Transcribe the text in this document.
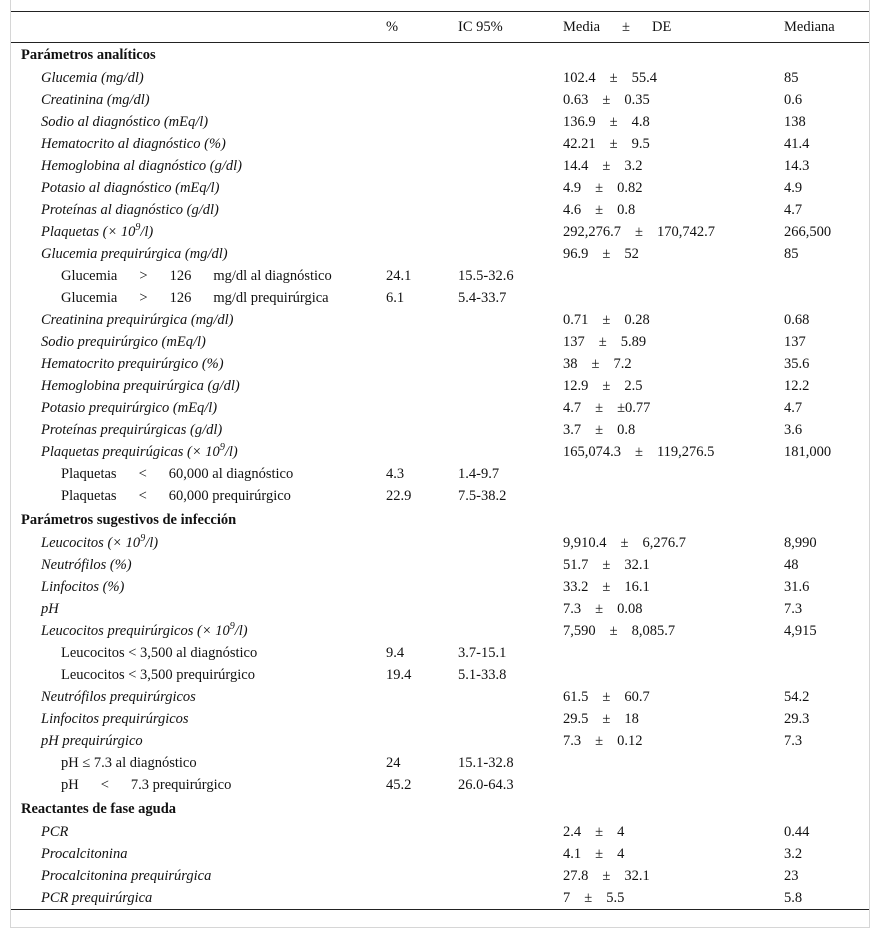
	%	IC 95%	Media ± DE	Mediana
Parámetros analíticos				
Glucemia (mg/dl)			102.4 ± 55.4	85
Creatinina (mg/dl)			0.63 ± 0.35	0.6
Sodio al diagnóstico (mEq/l)			136.9 ± 4.8	138
Hematocrito al diagnóstico (%)			42.21 ± 9.5	41.4
Hemoglobina al diagnóstico (g/dl)			14.4 ± 3.2	14.3
Potasio al diagnóstico (mEq/l)			4.9 ± 0.82	4.9
Proteínas al diagnóstico (g/dl)			4.6 ± 0.8	4.7
Plaquetas (× $10^9/l$)			292,276.7 ± 170,742.7	266,500
Glucemia prequirúrgica (mg/dl)			96.9 ± 52	85
Glucemia > 126 mg/dl al diagnóstico	24.1	15.5-32.6		
Glucemia > 126 mg/dl prequirúrgica	6.1	5.4-33.7		
Creatinina prequirúrgica (mg/dl)			0.71 ± 0.28	0.68
Sodio prequirúrgico (mEq/l)			137 ± 5.89	137
Hematocrito prequirúrgico (%)			38 ± 7.2	35.6
Hemoglobina prequirúrgica (g/dl)			12.9 ± 2.5	12.2
Potasio prequirúrgico (mEq/l)			4.7 ± ±0.77	4.7
Proteínas prequirúrgicas (g/dl)			3.7 ± 0.8	3.6
Plaquetas prequirúgicas (× $10^9/l$)			165,074.3 ± 119,276.5	181,000
Plaquetas < 60,000 al diagnóstico	4.3	1.4-9.7		
Plaquetas < 60,000 prequirúrgico	22.9	7.5-38.2		
Parámetros sugestivos de infección				
Leucocitos (× $10^9/l$)			9,910.4 ± 6,276.7	8,990
Neutrófilos (%)			51.7 ± 32.1	48
Linfocitos (%)			33.2 ± 16.1	31.6
pH			7.3 ± 0.08	7.3
Leucocitos prequirúrgicos (× $10^9/l$)			7,590 ± 8,085.7	4,915
Leucocitos < 3,500 al diagnóstico	9.4	3.7-15.1		
Leucocitos < 3,500 prequirúrgico	19.4	5.1-33.8		
Neutrófilos prequirúrgicos			61.5 ± 60.7	54.2
Linfocitos prequirúrgicos			29.5 ± 18	29.3
pH prequirúrgico			7.3 ± 0.12	7.3
pH ≤ 7.3 al diagnóstico	24	15.1-32.8		
pH < 7.3 prequirúrgico	45.2	26.0-64.3		
Reactantes de fase aguda				
PCR			2.4 ± 4	0.44
Procalcitonina			4.1 ± 4	3.2
Procalcitonina prequirúrgica			27.8 ± 32.1	23
PCR prequirúrgica			7 ± 5.5	5.8
